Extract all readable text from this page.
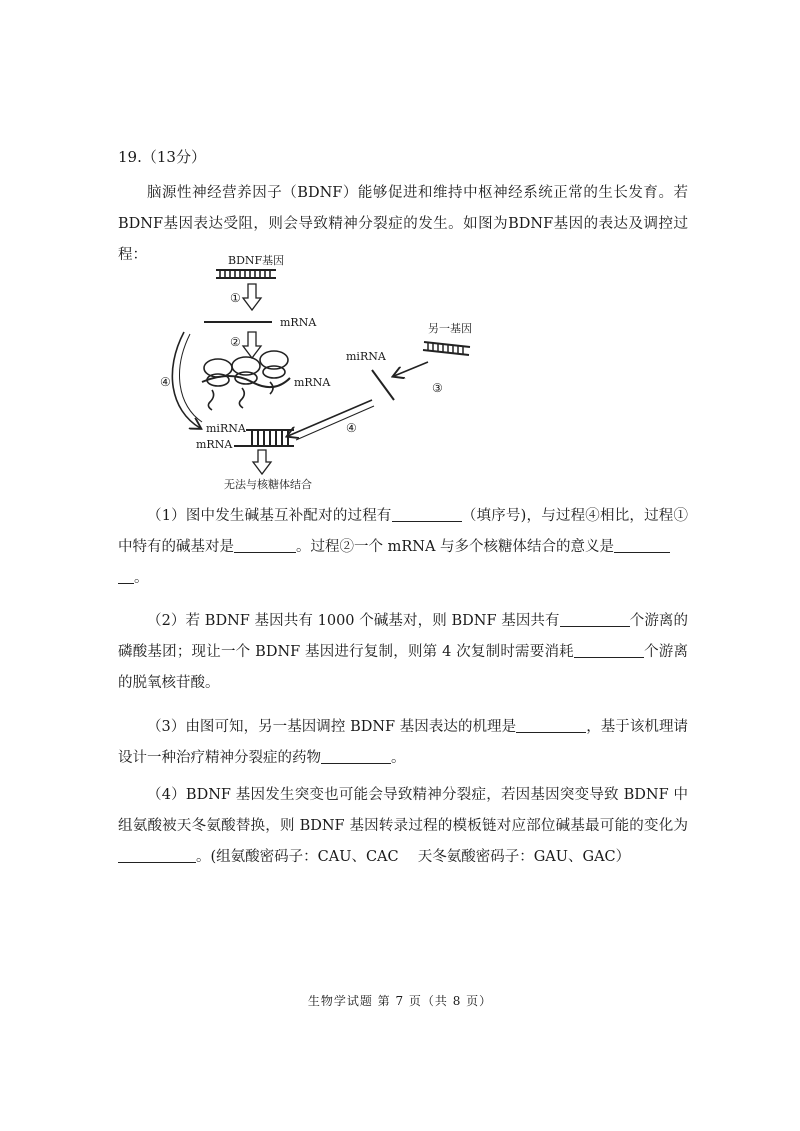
19.（13分）

脑源性神经营养因子（BDNF）能够促进和维持中枢神经系统正常的生长发育。若BDNF基因表达受阻，则会导致精神分裂症的发生。如图为BDNF基因的表达及调控过程：	BDNF基因
①
mRNA
②
mRNA
④
miRNA
另一基因
③
④
miRNA
mRNA
无法与核糖体结合

（1）图中发生碱基互补配对的过程有	（填序号)，与过程④相比，过程①中特有的碱基对是	。过程②一个 mRNA 与多个核糖体结合的意义是
。

（2）若 BDNF 基因共有 1000 个碱基对，则 BDNF 基因共有	个游离的磷酸基团；现让一个 BDNF 基因进行复制，则第 4 次复制时需要消耗	个游离的脱氧核苷酸。

（3）由图可知，另一基因调控 BDNF 基因表达的机理是	，基于该机理请设计一种治疗精神分裂症的药物	。

（4）BDNF 基因发生突变也可能会导致精神分裂症，若因基因突变导致 BDNF 中组氨酸被天冬氨酸替换，则 BDNF 基因转录过程的模板链对应部位碱基最可能的变化为。(组氨酸密码子：CAU、CAC　 天冬氨酸密码子：GAU、GAC）

生物学试题 第 7 页（共 8 页）
